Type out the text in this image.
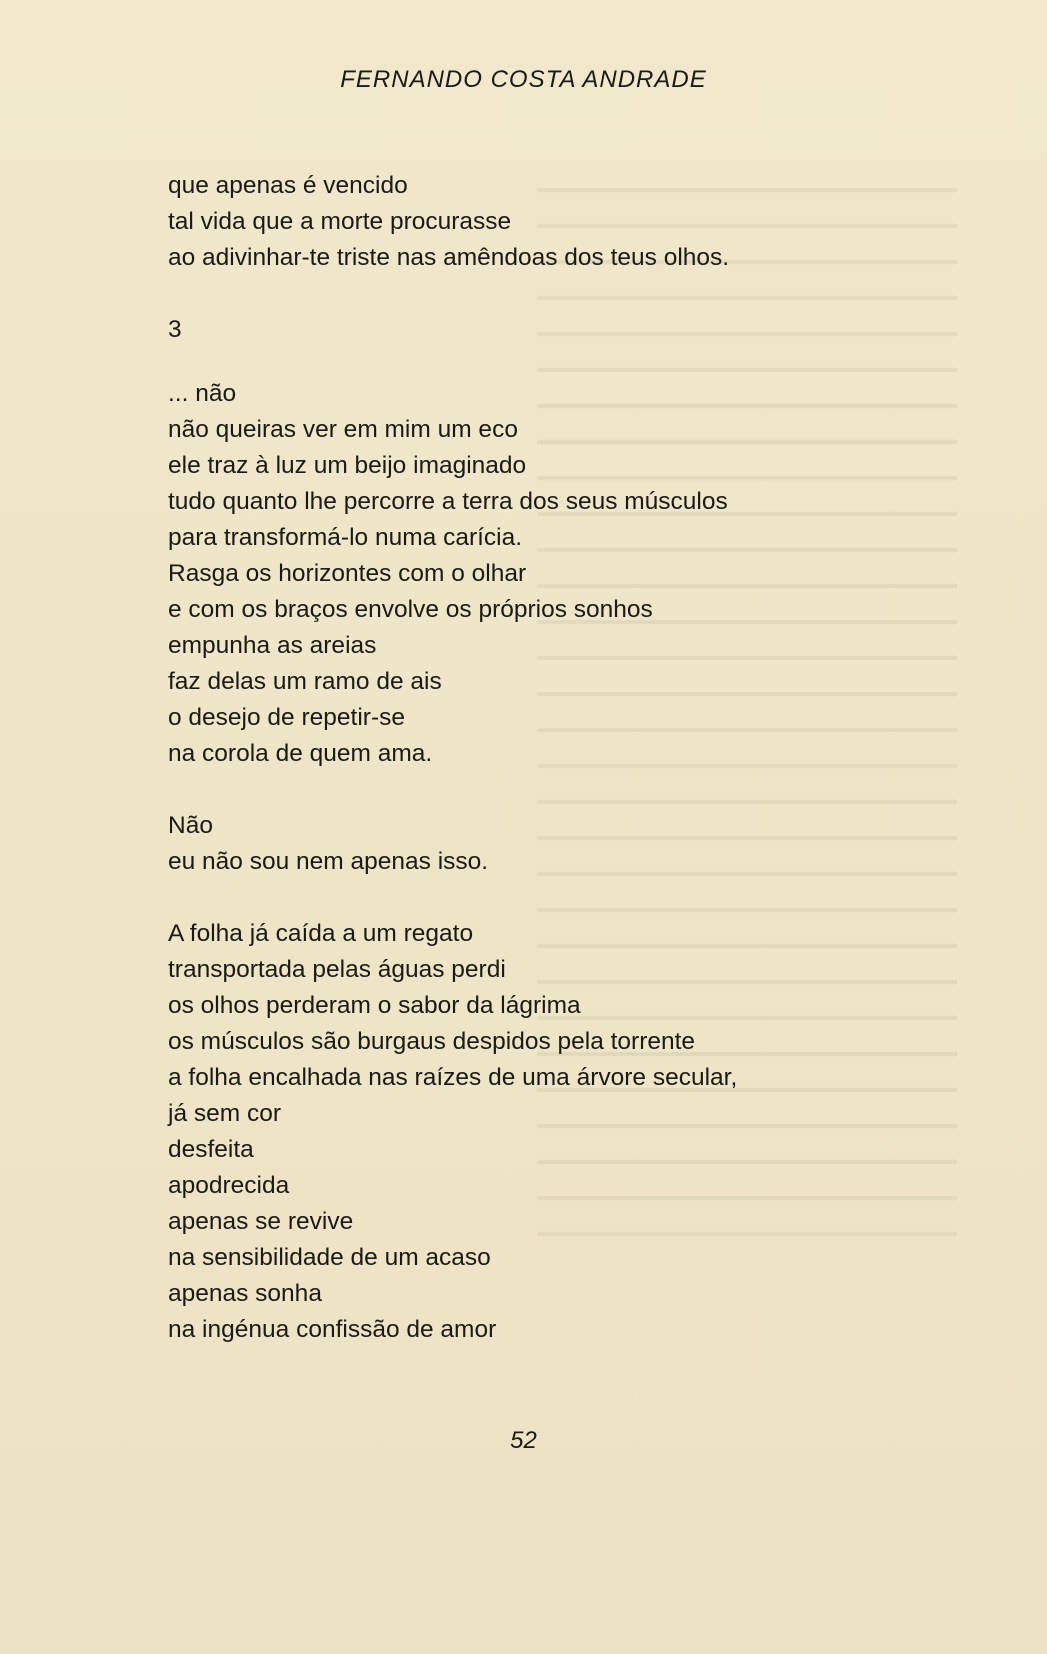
FERNANDO COSTA ANDRADE
que apenas é vencido
tal vida que a morte procurasse
ao adivinhar-te triste nas amêndoas dos teus olhos.
3
... não
não queiras ver em mim um eco
ele traz à luz um beijo imaginado
tudo quanto lhe percorre a terra dos seus músculos
para transformá-lo numa carícia.
Rasga os horizontes com o olhar
e com os braços envolve os próprios sonhos
empunha as areias
faz delas um ramo de ais
o desejo de repetir-se
na corola de quem ama.
Não
eu não sou nem apenas isso.
A folha já caída a um regato
transportada pelas águas perdi
os olhos perderam o sabor da lágrima
os músculos são burgaus despidos pela torrente
a folha encalhada nas raízes de uma árvore secular,
já sem cor
desfeita
apodrecida
apenas se revive
na sensibilidade de um acaso
apenas sonha
na ingénua confissão de amor
52
